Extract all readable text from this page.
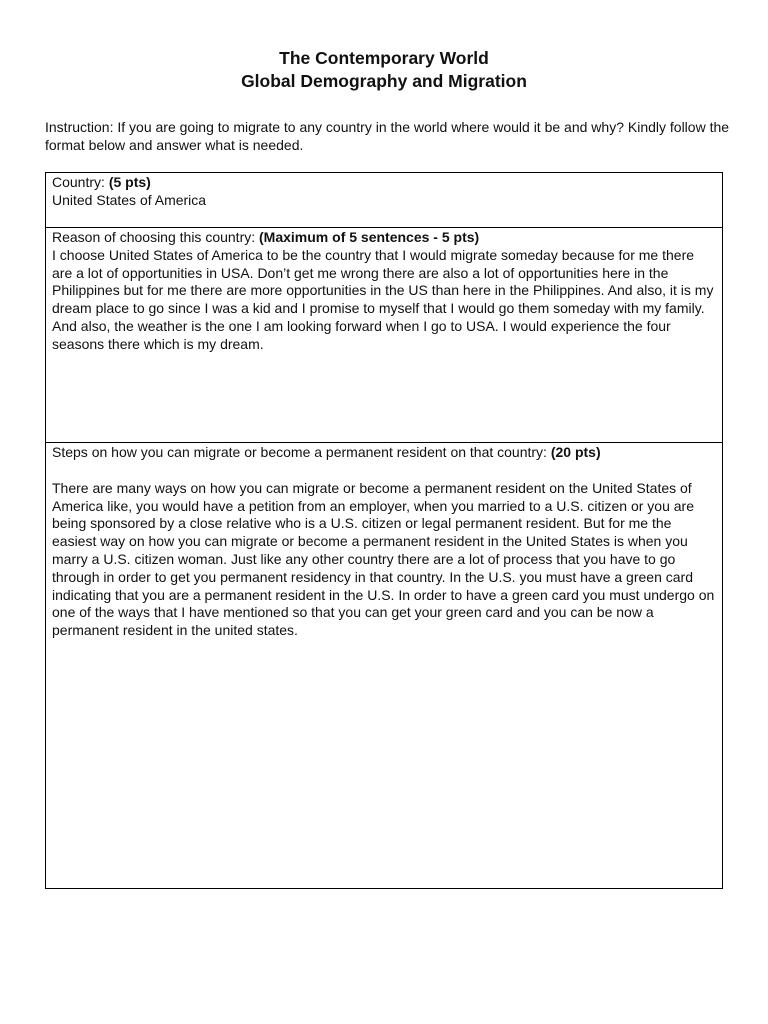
The Contemporary World
Global Demography and Migration
Instruction: If you are going to migrate to any country in the world where would it be and why? Kindly follow the format below and answer what is needed.
Country: (5 pts)
United States of America
Reason of choosing this country: (Maximum of 5 sentences - 5 pts)
I choose United States of America to be the country that I would migrate someday because for me there are a lot of opportunities in USA. Don’t get me wrong there are also a lot of opportunities here in the Philippines but for me there are more opportunities in the US than here in the Philippines. And also, it is my dream place to go since I was a kid and I promise to myself that I would go them someday with my family. And also, the weather is the one I am looking forward when I go to USA. I would experience the four seasons there which is my dream.
Steps on how you can migrate or become a permanent resident on that country: (20 pts)
There are many ways on how you can migrate or become a permanent resident on the United States of America like, you would have a petition from an employer, when you married to a U.S. citizen or you are being sponsored by a close relative who is a U.S. citizen or legal permanent resident. But for me the easiest way on how you can migrate or become a permanent resident in the United States is when you marry a U.S. citizen woman. Just like any other country there are a lot of process that you have to go through in order to get you permanent residency in that country. In the U.S. you must have a green card indicating that you are a permanent resident in the U.S. In order to have a green card you must undergo on one of the ways that I have mentioned so that you can get your green card and you can be now a permanent resident in the united states.
